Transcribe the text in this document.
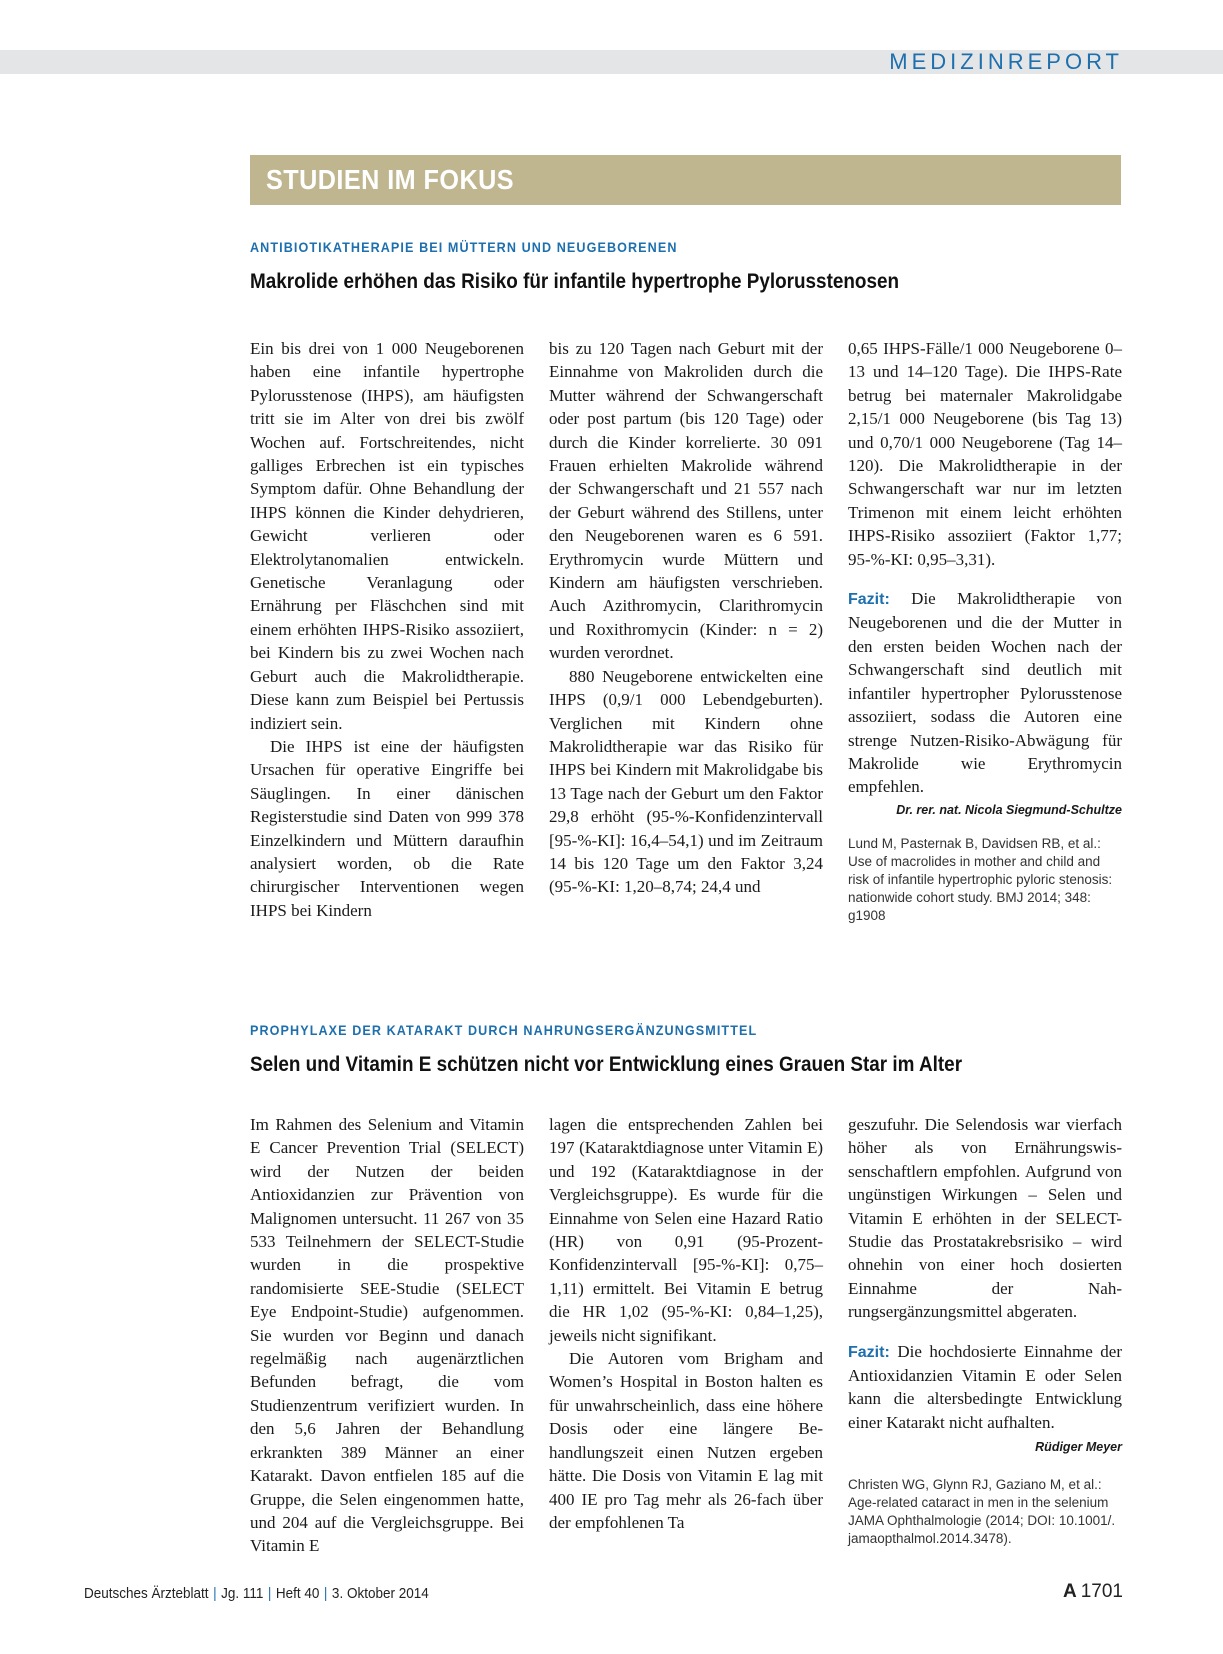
MEDIZINREPORT
STUDIEN IM FOKUS
ANTIBIOTIKATHERAPIE BEI MÜTTERN UND NEUGEBORENEN
Makrolide erhöhen das Risiko für infantile hypertrophe Pylorusstenosen

Ein bis drei von 1 000 Neugeborenen haben eine infantile hypertrophe Pylorusstenose (IHPS), am häufigsten tritt sie im Alter von drei bis zwölf Wochen auf. Fortschreitendes, nicht galliges Erbrechen ist ein typisches Symptom dafür. Ohne Behandlung der IHPS können die Kinder dehydrieren, Gewicht verlieren oder Elektrolytanomalien entwickeln. Genetische Veranlagung oder Ernährung per Fläschchen sind mit einem erhöhten IHPS-Risiko assoziiert, bei Kindern bis zu zwei Wochen nach Geburt auch die Makrolidtherapie. Diese kann zum Beispiel bei Pertussis indiziert sein.

Die IHPS ist eine der häufigsten Ursachen für operative Eingriffe bei Säuglingen. In einer dänischen Registerstudie sind Daten von 999 378 Einzelkindern und Müttern daraufhin analysiert worden, ob die Rate chirurgischer Interventionen wegen IHPS bei Kindern

bis zu 120 Tagen nach Geburt mit der Einnahme von Makroliden durch die Mutter während der Schwangerschaft oder post partum (bis 120 Tage) oder durch die Kinder korrelierte. 30 091 Frauen erhielten Makrolide während der Schwangerschaft und 21 557 nach der Geburt während des Stillens, unter den Neugeborenen waren es 6 591. Erythromycin wurde Müttern und Kindern am häufigsten verschrieben. Auch Azithromycin, Clarithromycin und Roxithromycin (Kinder: n = 2) wurden verordnet.

880 Neugeborene entwickelten eine IHPS (0,9/1 000 Lebendgeburten). Verglichen mit Kindern ohne Makrolidtherapie war das Risiko für IHPS bei Kindern mit Makrolidgabe bis 13 Tage nach der Geburt um den Faktor 29,8 erhöht (95-%-Konfidenzintervall [95-%-KI]: 16,4–54,1) und im Zeitraum 14 bis 120 Tage um den Faktor 3,24 (95-%-KI: 1,20–8,74; 24,4 und

0,65 IHPS-Fälle/1 000 Neugeborene 0–13 und 14–120 Tage). Die IHPS-Rate betrug bei maternaler Makrolidgabe 2,15/1 000 Neugeborene (bis Tag 13) und 0,70/1 000 Neugeborene (Tag 14–120). Die Makrolidtherapie in der Schwangerschaft war nur im letzten Trimenon mit einem leicht erhöhten IHPS-Risiko assoziiert (Faktor 1,77; 95-%-KI: 0,95–3,31).

Fazit: Die Makrolidtherapie von Neugeborenen und die der Mutter in den ersten beiden Wochen nach der Schwangerschaft sind deutlich mit infantiler hypertropher Pylorusstenose assoziiert, sodass die Autoren eine strenge Nutzen-Risiko-Abwägung für Makrolide wie Erythromycin empfehlen.

Dr. rer. nat. Nicola Siegmund-Schultze
Lund M, Pasternak B, Davidsen RB, et al.: Use of macrolides in mother and child and risk of infantile hypertrophic pyloric stenosis: nationwide cohort study. BMJ 2014; 348: g1908
PROPHYLAXE DER KATARAKT DURCH NAHRUNGSERGÄNZUNGSMITTEL
Selen und Vitamin E schützen nicht vor Entwicklung eines Grauen Star im Alter

Im Rahmen des Selenium and Vitamin E Cancer Prevention Trial (SELECT) wird der Nutzen der beiden Antioxidanzien zur Prävention von Malignomen untersucht. 11 267 von 35 533 Teilnehmern der SELECT-Studie wurden in die prospektive randomisierte SEE-Studie (SELECT Eye Endpoint-Studie) aufgenommen. Sie wurden vor Beginn und danach regelmäßig nach augenärztlichen Befunden befragt, die vom Studienzentrum verifiziert wurden. In den 5,6 Jahren der Behandlung erkrankten 389 Männer an einer Katarakt. Davon entfielen 185 auf die Gruppe, die Selen eingenommen hatte, und 204 auf die Vergleichsgruppe. Bei Vitamin E

lagen die entsprechenden Zahlen bei 197 (Kataraktdiagnose unter Vitamin E) und 192 (Kataraktdiagnose in der Vergleichsgruppe). Es wurde für die Einnahme von Selen eine Hazard Ratio (HR) von 0,91 (95-Prozent-Konfidenzintervall [95-%-KI]: 0,75–1,11) ermittelt. Bei Vitamin E betrug die HR 1,02 (95-%-KI: 0,84–1,25), jeweils nicht signifikant.

Die Autoren vom Brigham and Women’s Hospital in Boston halten es für unwahrscheinlich, dass eine höhere Dosis oder eine längere Behandlungszeit einen Nutzen ergeben hätte. Die Dosis von Vitamin E lag mit 400 IE pro Tag mehr als 26-fach über der empfohlenen Ta

geszufuhr. Die Selendosis war vierfach höher als von Ernährungswissenschaftlern empfohlen. Aufgrund von ungünstigen Wirkungen – Selen und Vitamin E erhöhten in der SELECT-Studie das Prostatakrebsrisiko – wird ohnehin von einer hoch dosierten Einnahme der Nahrungsergänzungsmittel abgeraten.

Fazit: Die hochdosierte Einnahme der Antioxidanzien Vitamin E oder Selen kann die altersbedingte Entwicklung einer Katarakt nicht aufhalten.
Rüdiger Meyer

Christen WG, Glynn RJ, Gaziano M, et al.: Age-related cataract in men in the selenium JAMA Ophthalmologie (2014; DOI: 10.1001/. jamaopthalmol.2014.3478).
Deutsches Ärzteblatt | Jg. 111 | Heft 40 | 3. Oktober 2014	A 1701
